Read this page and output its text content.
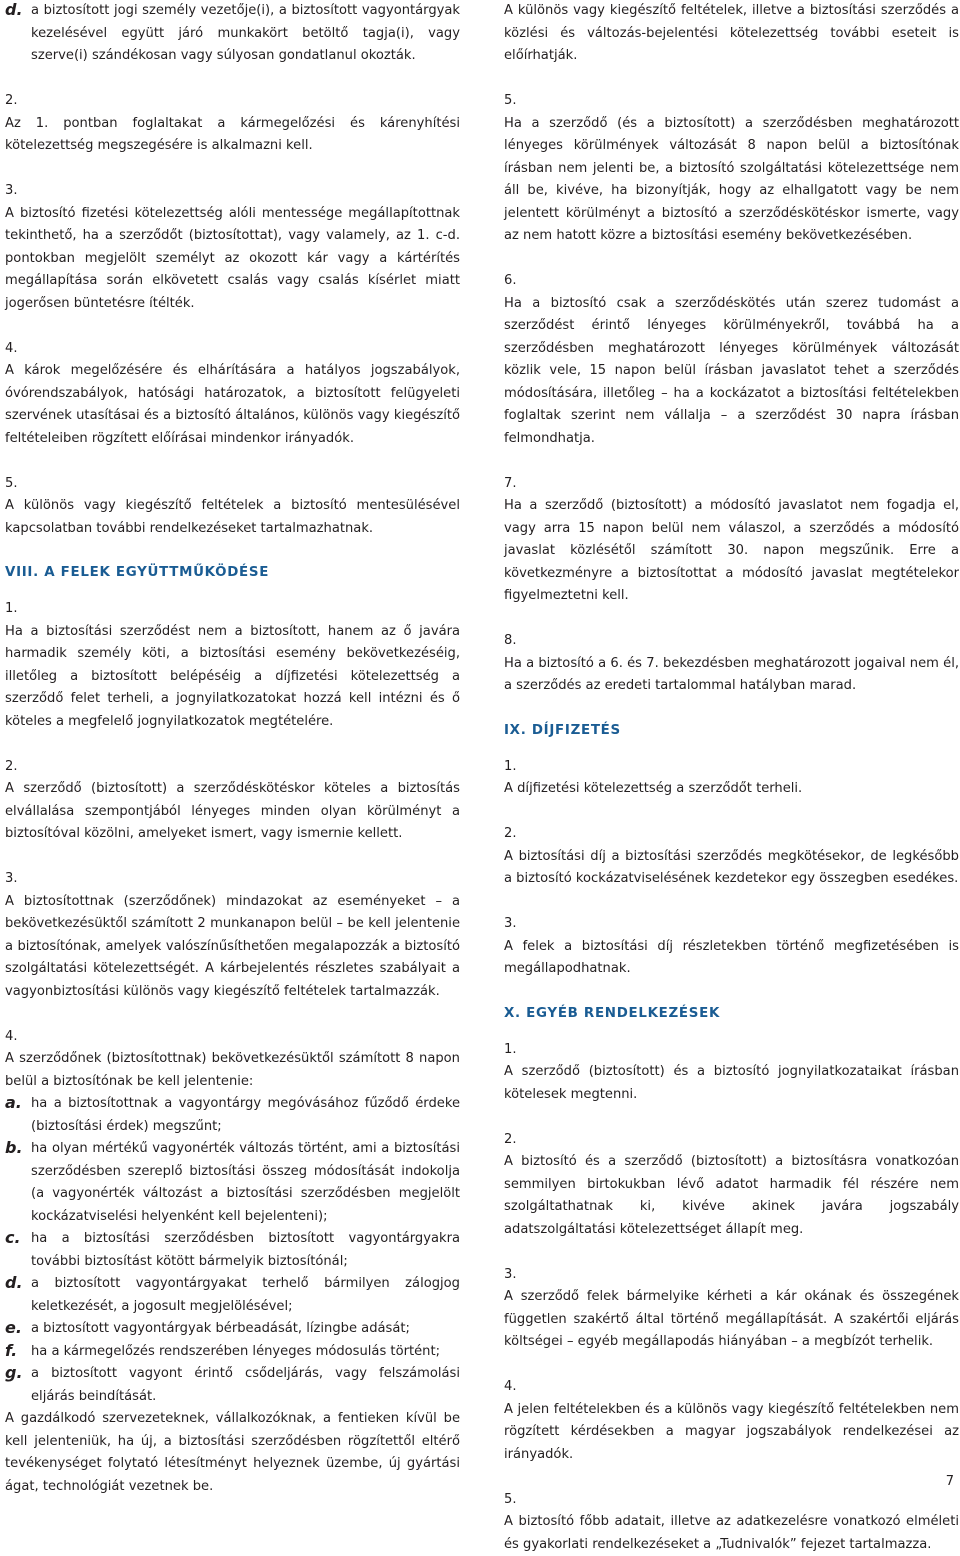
d. a biztosított jogi személy vezetője(i), a biztosított vagyontárgyak kezelésével együtt járó munkakört betöltő tagja(i), vagy szerve(i) szándékosan vagy súlyosan gondatlanul okozták.

2.

Az 1. pontban foglaltakat a kármegelőzési és kárenyhítési kötelezettség megszegésére is alkalmazni kell.

3.

A biztosító fizetési kötelezettség alóli mentessége megállapítottnak tekinthető, ha a szerződőt (biztosítottat), vagy valamely, az 1. c-d. pontokban megjelölt személyt az okozott kár vagy a kártérítés megállapítása során elkövetett csalás vagy csalás kísérlet miatt jogerősen büntetésre ítélték.

4.

A károk megelőzésére és elhárítására a hatályos jogszabályok, óvórendszabályok, hatósági határozatok, a biztosított felügyeleti szervének utasításai és a biztosító általános, különös vagy kiegészítő feltételeiben rögzített előírásai mindenkor irányadók.

5.

A különös vagy kiegészítő feltételek a biztosító mentesülésével kapcsolatban további rendelkezéseket tartalmazhatnak.

VIII. A FELEK EGYÜTTMŰKÖDÉSE

1.

Ha a biztosítási szerződést nem a biztosított, hanem az ő javára harmadik személy köti, a biztosítási esemény bekövetkezéséig, illetőleg a biztosított belépéséig a díjfizetési kötelezettség a szerződő felet terheli, a jognyilatkozatokat hozzá kell intézni és ő köteles a megfelelő jognyilatkozatok megtételére.

2.

A szerződő (biztosított) a szerződéskötéskor köteles a biztosítás elvállalása szempontjából lényeges minden olyan körülményt a biztosítóval közölni, amelyeket ismert, vagy ismernie kellett.

3.

A biztosítottnak (szerződőnek) mindazokat az eseményeket – a bekövetkezésüktől számított 2 munkanapon belül – be kell jelentenie a biztosítónak, amelyek valószínűsíthetően megalapozzák a biztosító szolgáltatási kötelezettségét. A kárbejelentés részletes szabályait a vagyonbiztosítási különös vagy kiegészítő feltételek tartalmazzák.

4.

A szerződőnek (biztosítottnak) bekövetkezésüktől számított 8 napon belül a biztosítónak be kell jelentenie:

a. ha a biztosítottnak a vagyontárgy megóvásához fűződő érdeke (biztosítási érdek) megszűnt;

b. ha olyan mértékű vagyonérték változás történt, ami a biztosítási szerződésben szereplő biztosítási összeg módosítását indokolja (a vagyonérték változást a biztosítási szerződésben megjelölt kockázatviselési helyenként kell bejelenteni);

c. ha a biztosítási szerződésben biztosított vagyontárgyakra további biztosítást kötött bármelyik biztosítónál;

d. a biztosított vagyontárgyakat terhelő bármilyen zálogjog keletkezését, a jogosult megjelölésével;

e. a biztosított vagyontárgyak bérbeadását, lízingbe adását;

f.	ha a kármegelőzés rendszerében lényeges módosulás történt;

g. a biztosított vagyont érintő csődeljárás, vagy felszámolási eljárás beindítását.

A gazdálkodó szervezeteknek, vállalkozóknak, a fentieken kívül be kell jelenteniük, ha új, a biztosítási szerződésben rögzítettől eltérő tevékenységet folytató létesítményt helyeznek üzembe, új gyártási ágat, technológiát vezetnek be.

A különös vagy kiegészítő feltételek, illetve a biztosítási szerződés a közlési és változás-bejelentési kötelezettség további eseteit is előírhatják.

5.

Ha a szerződő (és a biztosított) a szerződésben meghatározott lényeges körülmények változását 8 napon belül a biztosítónak írásban nem jelenti be, a biztosító szolgáltatási kötelezettsége nem áll be, kivéve, ha bizonyítják, hogy az elhallgatott vagy be nem jelentett körülményt a biztosító a szerződéskötéskor ismerte, vagy az nem hatott közre a biztosítási esemény bekövetkezésében.

6.

Ha a biztosító csak a szerződéskötés után szerez tudomást a szerződést érintő lényeges körülményekről, továbbá ha a szerződésben meghatározott lényeges körülmények változását közlik vele, 15 napon belül írásban javaslatot tehet a szerződés módosítására, illetőleg – ha a kockázatot a biztosítási feltételekben foglaltak szerint nem vállalja – a szerződést 30 napra írásban felmondhatja.

7.

Ha a szerződő (biztosított) a módosító javaslatot nem fogadja el, vagy arra 15 napon belül nem válaszol, a szerződés a módosító javaslat közlésétől számított 30. napon megszűnik. Erre a következményre a biztosítottat a módosító javaslat megtételekor figyelmeztetni kell.

8.

Ha a biztosító a 6. és 7. bekezdésben meghatározott jogaival nem él, a szerződés az eredeti tartalommal hatályban marad.

IX. DÍJFIZETÉS

1.

A díjfizetési kötelezettség a szerződőt terheli.

2.

A biztosítási díj a biztosítási szerződés megkötésekor, de legkésőbb a biztosító kockázatviselésének kezdetekor egy összegben esedékes.

3.

A felek a biztosítási díj részletekben történő megfizetésében is megállapodhatnak.

X. EGYÉB RENDELKEZÉSEK

1.

A szerződő (biztosított) és a biztosító jognyilatkozataikat írásban kötelesek megtenni.

2.

A biztosító és a szerződő (biztosított) a biztosításra vonatkozóan semmilyen birtokukban lévő adatot harmadik fél részére nem szolgáltathatnak ki, kivéve akinek javára jogszabály adatszolgáltatási kötelezettséget állapít meg.

3.

A szerződő felek bármelyike kérheti a kár okának és összegének független szakértő által történő megállapítását. A szakértői eljárás költségei – egyéb megállapodás hiányában – a megbízót terhelik.

4.

A jelen feltételekben és a különös vagy kiegészítő feltételekben nem rögzített kérdésekben a magyar jogszabályok rendelkezései az irányadók.

5.

A biztosító főbb adatait, illetve az adatkezelésre vonatkozó elméleti és gyakorlati rendelkezéseket a „Tudnivalók” fejezet tartalmazza.

7
